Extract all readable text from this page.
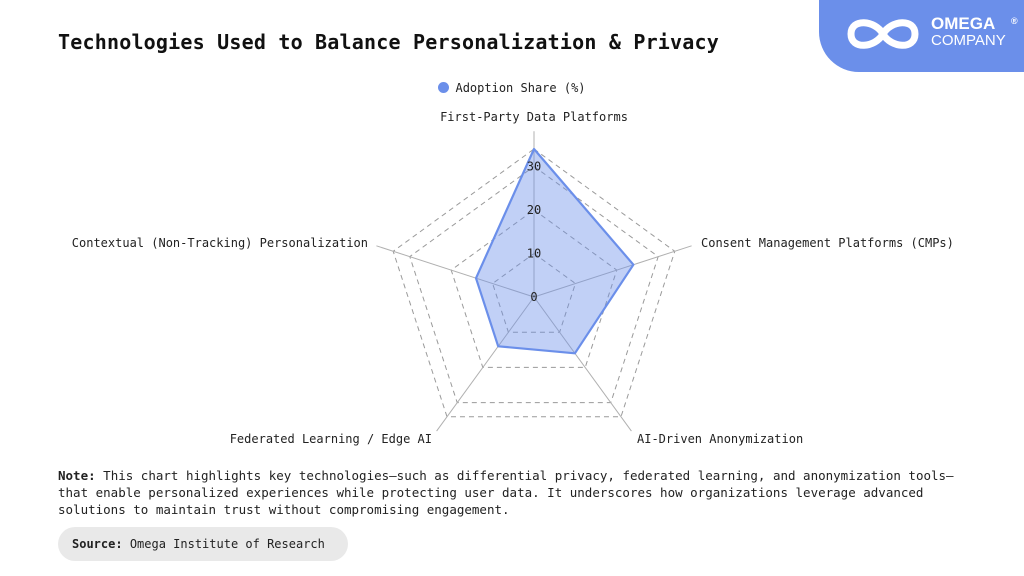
Technologies Used to Balance Personalization & Privacy
OMEGA ®
COMPANY
Adoption Share (%)
0
10
20
30
First-Party Data Platforms
Consent Management Platforms (CMPs)
AI-Driven Anonymization
Federated Learning / Edge AI
Contextual (Non-Tracking) Personalization
Note: This chart highlights key technologies—such as differential privacy, federated learning, and anonymization tools—that enable personalized experiences while protecting user data. It underscores how organizations leverage advanced solutions to maintain trust without compromising engagement.
Source: Omega Institute of Research
